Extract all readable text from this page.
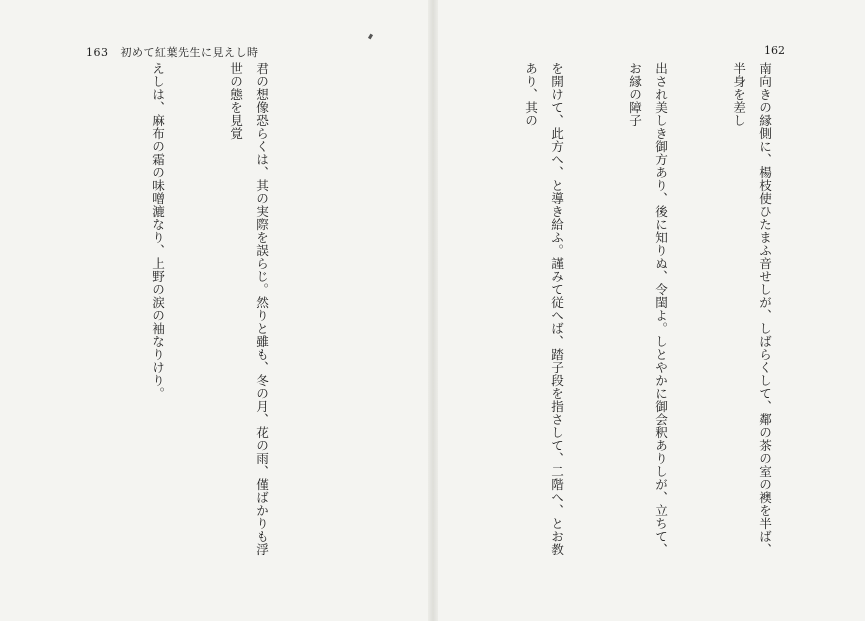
163 初めて紅葉先生に見えし時

君の想像恐らくは、其の実際を誤らじ。然りと雖も、冬の月、花の雨、僅ばかりも浮世の態を見覚

えしは、麻布の霜の味噌漉なり、上野の涙の袖なりけり。

162

南向きの縁側に、楊枝使ひたまふ音せしが、しばらくして、鄰の茶の室の襖を半ば、半身を差し

出され美しき御方あり、後に知りぬ、令閨よ。しとやかに御会釈ありしが、立ちて、お縁の障子

を開けて、此方へ、と導き給ふ。謹みて従へば、踏子段を指さして、二階へ、とお教あり、其の
